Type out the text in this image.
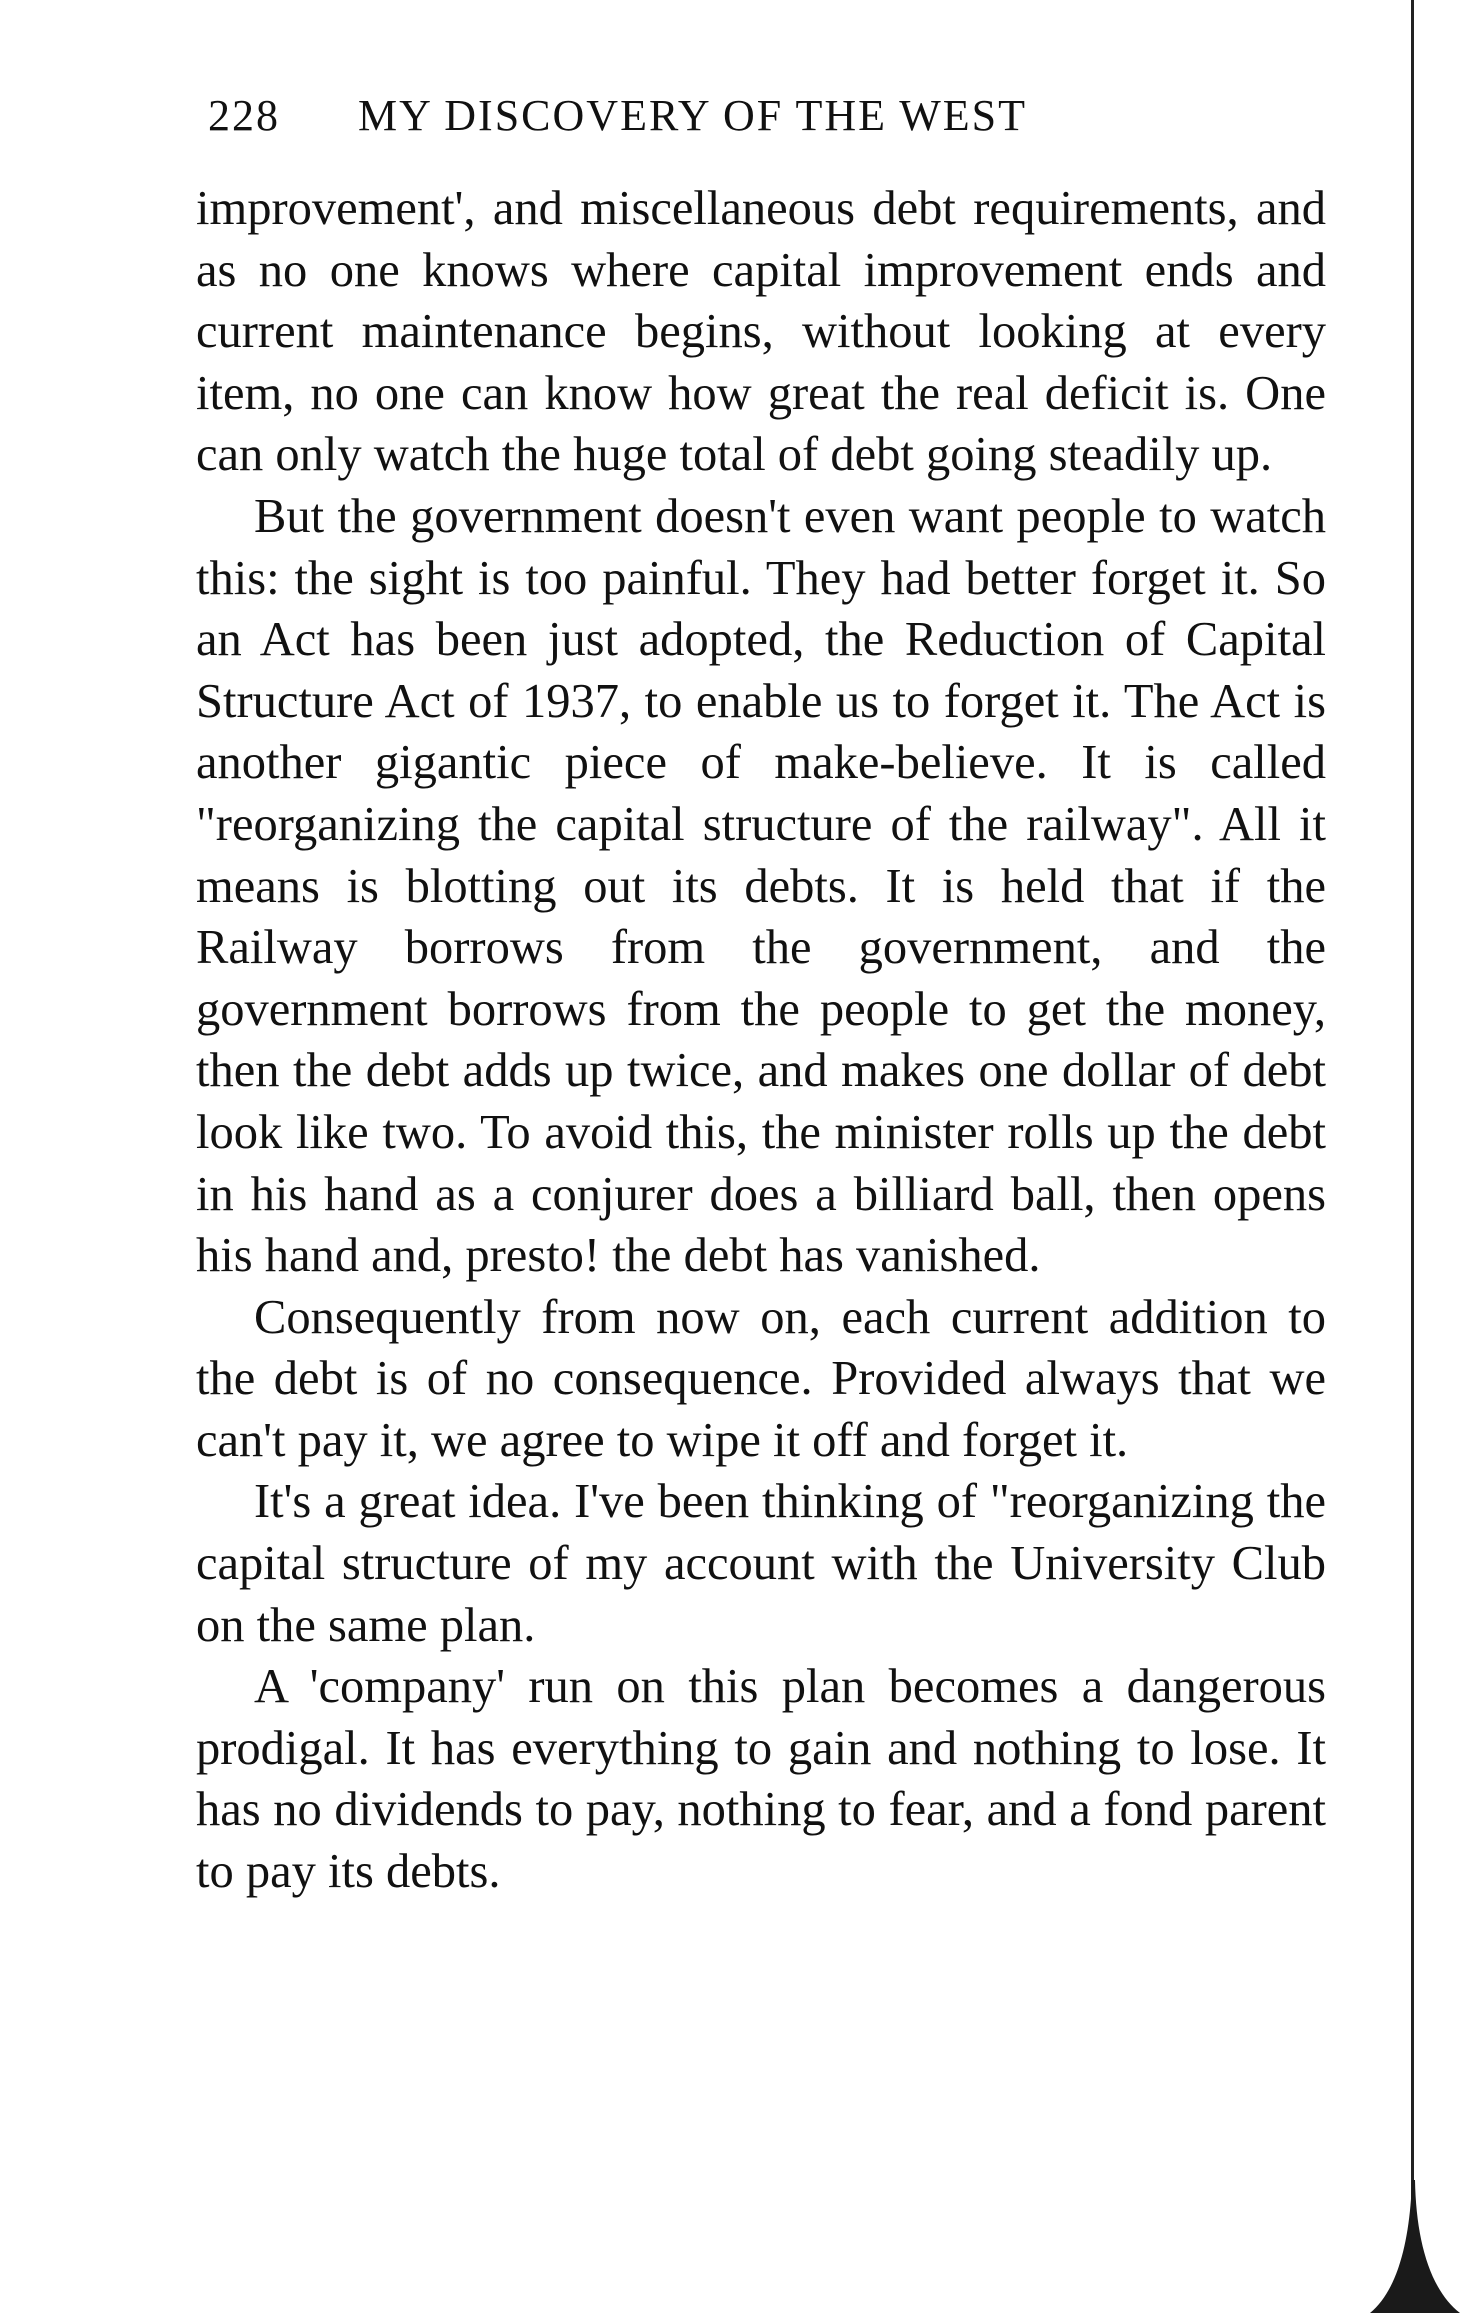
228 MY DISCOVERY OF THE WEST

improvement', and miscellaneous debt requirements, and as no one knows where capital improvement ends and current maintenance begins, without looking at every item, no one can know how great the real deficit is. One can only watch the huge total of debt going steadily up.

But the government doesn't even want people to watch this: the sight is too painful. They had better forget it. So an Act has been just adopted, the Reduction of Capital Structure Act of 1937, to enable us to forget it. The Act is another gigantic piece of make-believe. It is called "reorganizing the capital structure of the railway". All it means is blotting out its debts. It is held that if the Railway borrows from the government, and the government borrows from the people to get the money, then the debt adds up twice, and makes one dollar of debt look like two. To avoid this, the minister rolls up the debt in his hand as a conjurer does a billiard ball, then opens his hand and, presto! the debt has vanished.

Consequently from now on, each current addition to the debt is of no consequence. Provided always that we can't pay it, we agree to wipe it off and forget it.

It's a great idea. I've been thinking of "reorganizing the capital structure of my account with the University Club on the same plan.

A 'company' run on this plan becomes a dangerous prodigal. It has everything to gain and nothing to lose. It has no dividends to pay, nothing to fear, and a fond parent to pay its debts.
